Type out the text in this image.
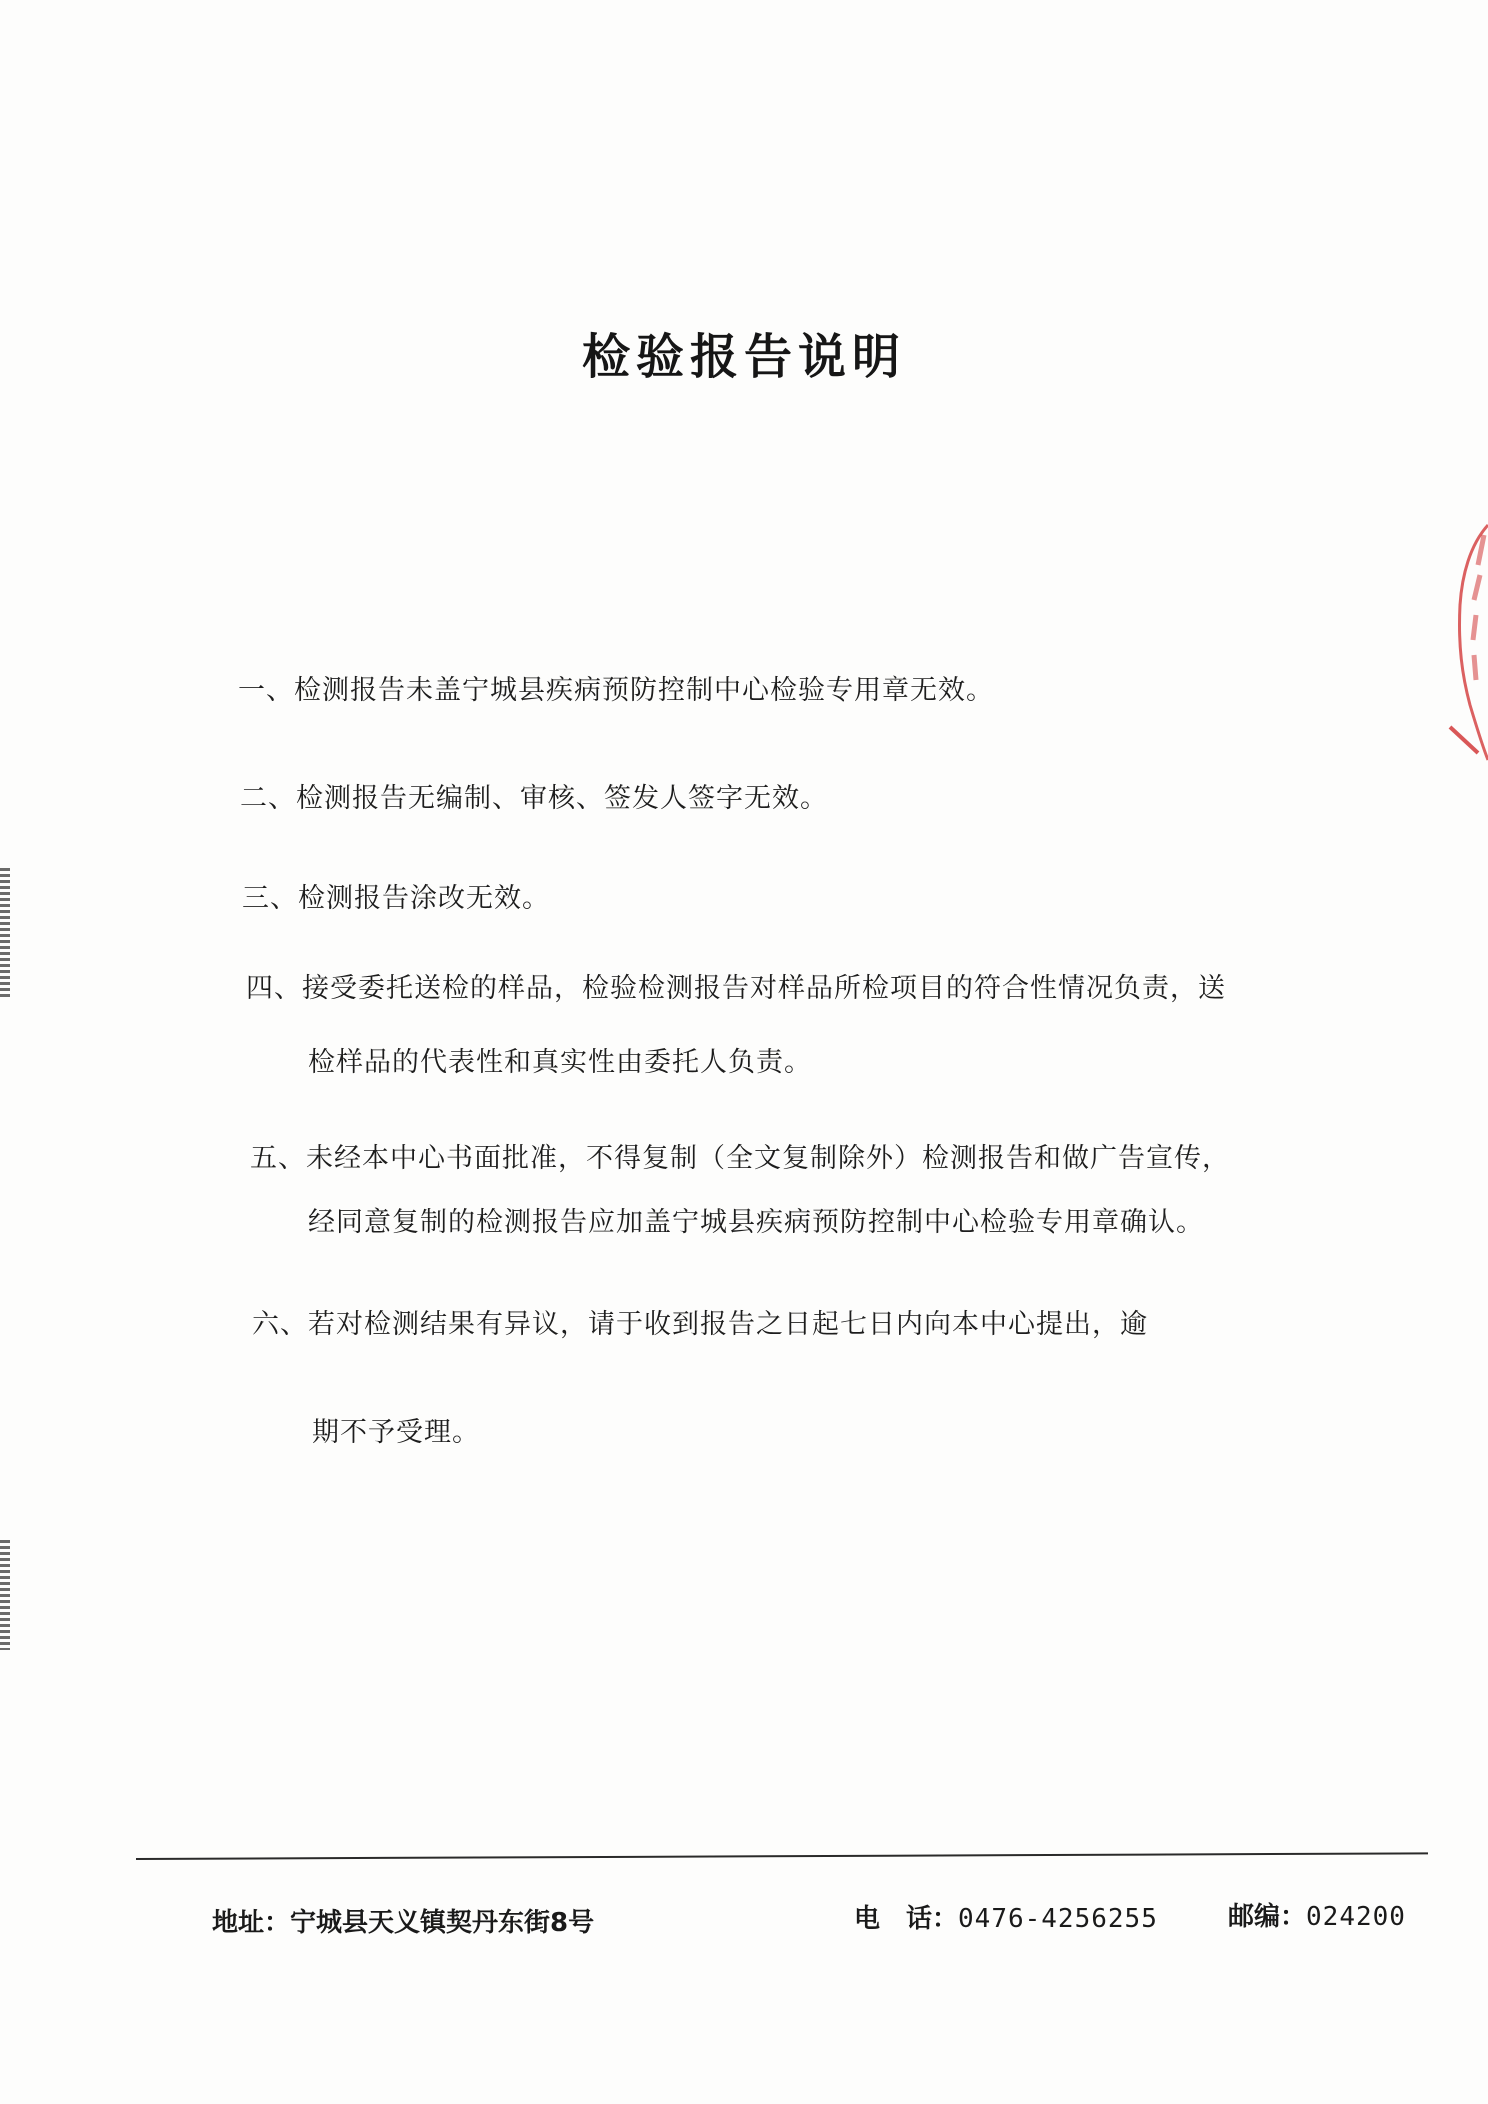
检验报告说明
一、检测报告未盖宁城县疾病预防控制中心检验专用章无效。
二、检测报告无编制、审核、签发人签字无效。
三、检测报告涂改无效。
四、接受委托送检的样品，检验检测报告对样品所检项目的符合性情况负责，送
检样品的代表性和真实性由委托人负责。
五、未经本中心书面批准，不得复制（全文复制除外）检测报告和做广告宣传，
经同意复制的检测报告应加盖宁城县疾病预防控制中心检验专用章确认。
六、若对检测结果有异议，请于收到报告之日起七日内向本中心提出，逾
期不予受理。
地址：宁城县天义镇契丹东街8号	电　话：0476-4256255	邮编：024200
